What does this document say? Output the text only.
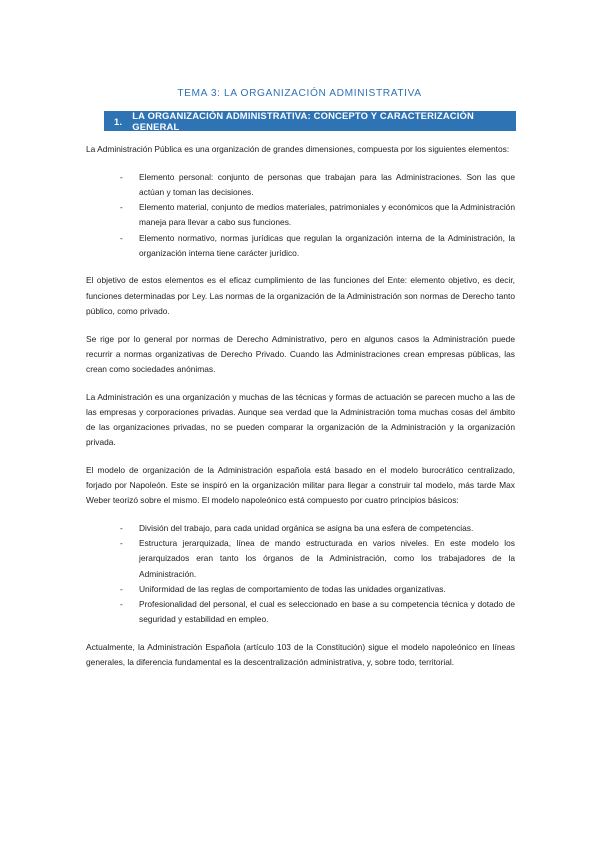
TEMA 3: LA ORGANIZACIÓN ADMINISTRATIVA
1. LA ORGANIZACIÓN ADMINISTRATIVA: CONCEPTO Y CARACTERIZACIÓN GENERAL

La Administración Pública es una organización de grandes dimensiones, compuesta por los siguientes elementos:

- Elemento personal: conjunto de personas que trabajan para las Administraciones. Son las que actúan y toman las decisiones.
- Elemento material, conjunto de medios materiales, patrimoniales y económicos que la Administración maneja para llevar a cabo sus funciones.
- Elemento normativo, normas jurídicas que regulan la organización interna de la Administración, la organización interna tiene carácter jurídico.

El objetivo de estos elementos es el eficaz cumplimiento de las funciones del Ente: elemento objetivo, es decir, funciones determinadas por Ley. Las normas de la organización de la Administración son normas de Derecho tanto público, como privado.

Se rige por lo general por normas de Derecho Administrativo, pero en algunos casos la Administración puede recurrir a normas organizativas de Derecho Privado. Cuando las Administraciones crean empresas públicas, las crean como sociedades anónimas.

La Administración es una organización y muchas de las técnicas y formas de actuación se parecen mucho a las de las empresas y corporaciones privadas. Aunque sea verdad que la Administración toma muchas cosas del ámbito de las organizaciones privadas, no se pueden comparar la organización de la Administración y la organización privada.

El modelo de organización de la Administración española está basado en el modelo burocrático centralizado, forjado por Napoleón. Este se inspiró en la organización militar para llegar a construir tal modelo, más tarde Max Weber teorizó sobre el mismo. El modelo napoleónico está compuesto por cuatro principios básicos:

- División del trabajo, para cada unidad orgánica se asigna ba una esfera de competencias.
- Estructura jerarquizada, línea de mando estructurada en varios niveles. En este modelo los jerarquizados eran tanto los órganos de la Administración, como los trabajadores de la Administración.
- Uniformidad de las reglas de comportamiento de todas las unidades organizativas.
- Profesionalidad del personal, el cual es seleccionado en base a su competencia técnica y dotado de seguridad y estabilidad en empleo.

Actualmente, la Administración Española (artículo 103 de la Constitución) sigue el modelo napoleónico en líneas generales, la diferencia fundamental es la descentralización administrativa, y, sobre todo, territorial.
